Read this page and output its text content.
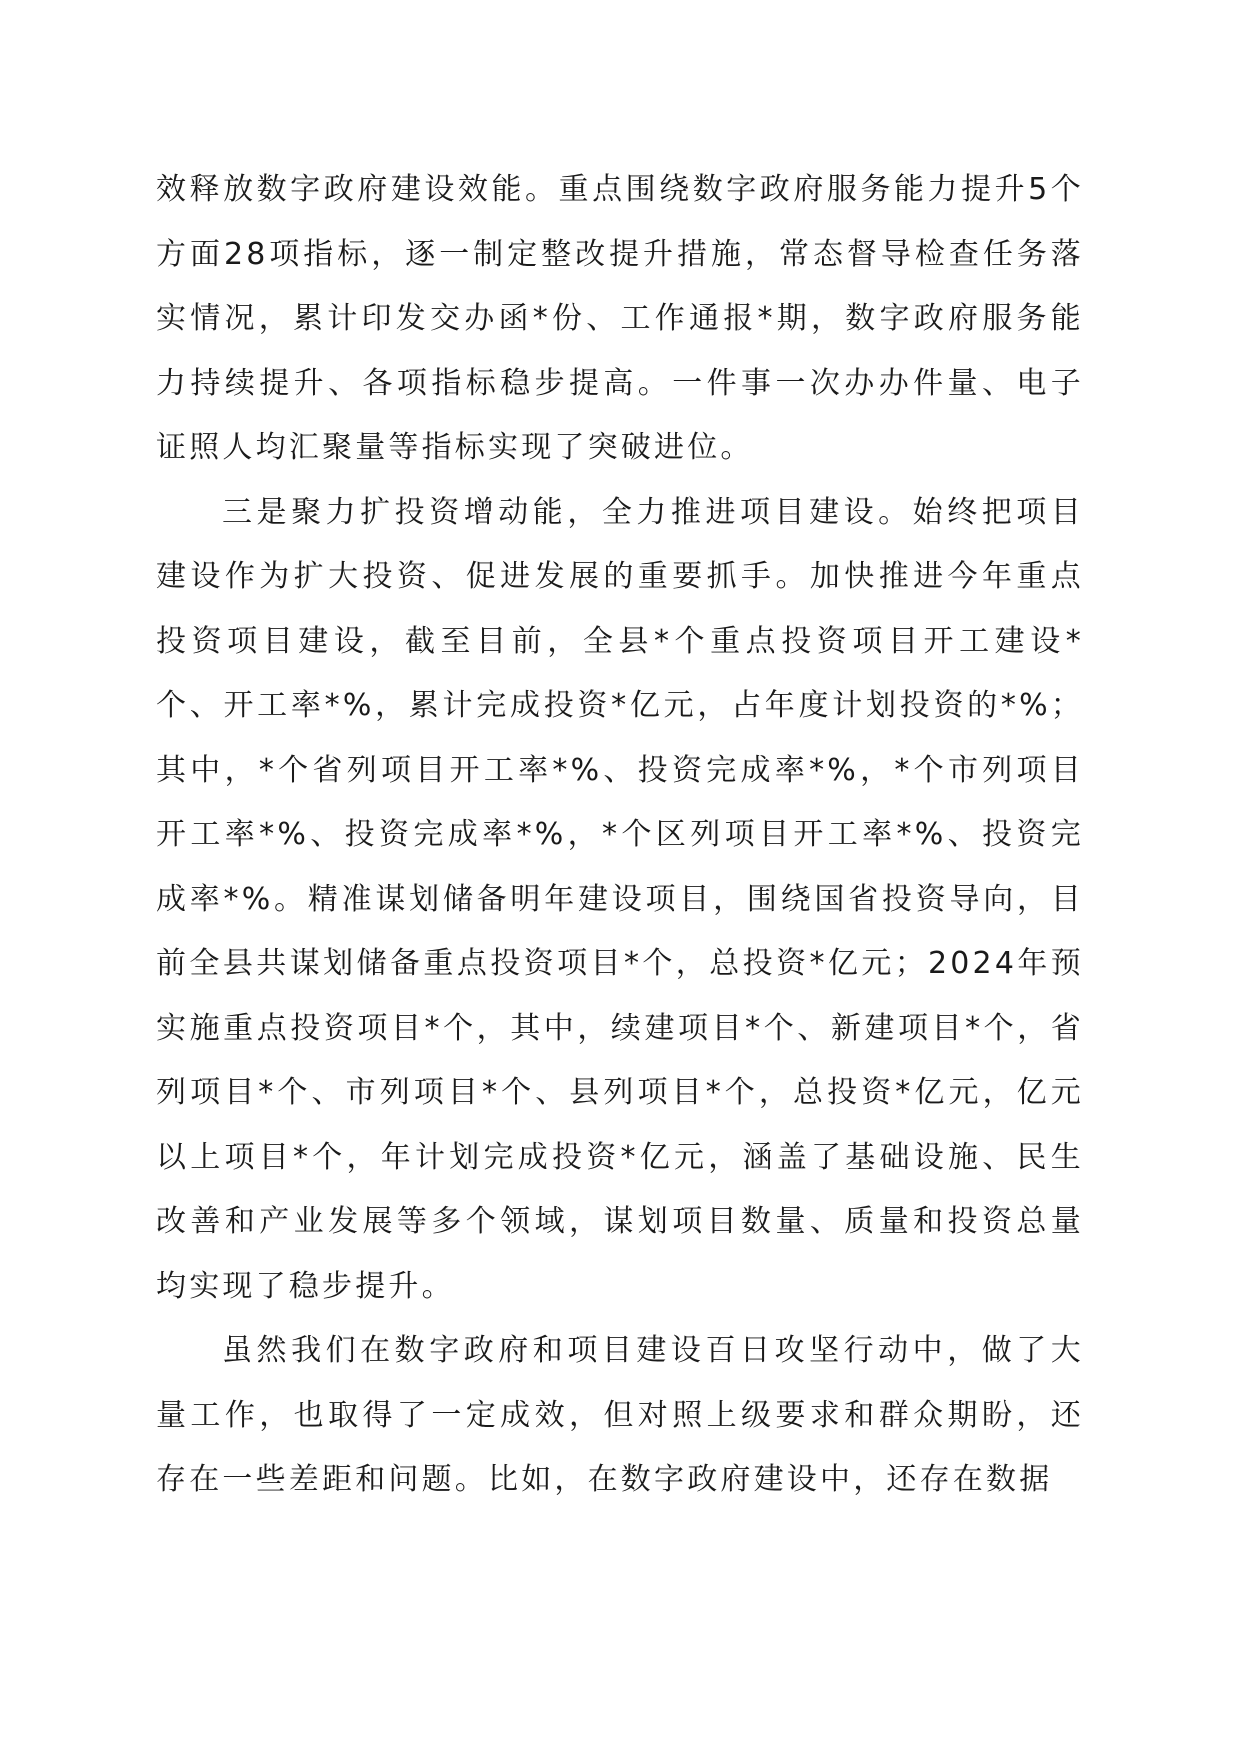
效释放数字政府建设效能。重点围绕数字政府服务能力提升5个方面28项指标，逐一制定整改提升措施，常态督导检查任务落实情况，累计印发交办函*份、工作通报*期，数字政府服务能力持续提升、各项指标稳步提高。一件事一次办办件量、电子证照人均汇聚量等指标实现了突破进位。

三是聚力扩投资增动能，全力推进项目建设。始终把项目建设作为扩大投资、促进发展的重要抓手。加快推进今年重点投资项目建设，截至目前，全县*个重点投资项目开工建设*个、开工率*%，累计完成投资*亿元，占年度计划投资的*%；其中，*个省列项目开工率*%、投资完成率*%，*个市列项目开工率*%、投资完成率*%，*个区列项目开工率*%、投资完成率*%。精准谋划储备明年建设项目，围绕国省投资导向，目前全县共谋划储备重点投资项目*个，总投资*亿元；2024年预实施重点投资项目*个，其中，续建项目*个、新建项目*个，省列项目*个、市列项目*个、县列项目*个，总投资*亿元，亿元以上项目*个，年计划完成投资*亿元，涵盖了基础设施、民生改善和产业发展等多个领域，谋划项目数量、质量和投资总量均实现了稳步提升。

虽然我们在数字政府和项目建设百日攻坚行动中，做了大量工作，也取得了一定成效，但对照上级要求和群众期盼，还存在一些差距和问题。比如，在数字政府建设中，还存在数据
